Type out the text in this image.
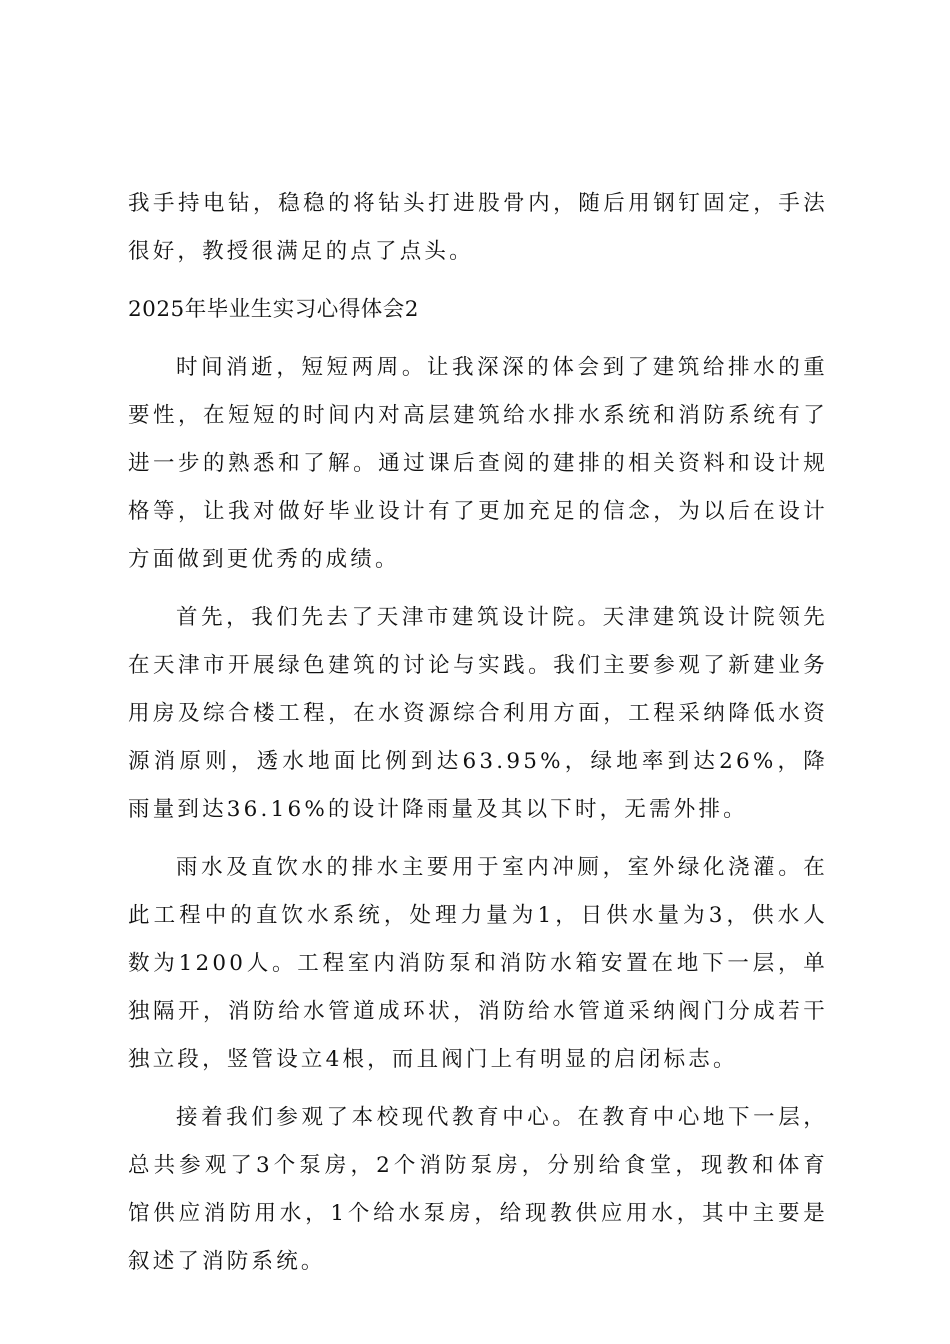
我手持电钻，稳稳的将钻头打进股骨内，随后用钢钉固定，手法很好，教授很满足的点了点头。

2025年毕业生实习心得体会2

时间消逝，短短两周。让我深深的体会到了建筑给排水的重要性，在短短的时间内对高层建筑给水排水系统和消防系统有了进一步的熟悉和了解。通过课后查阅的建排的相关资料和设计规格等，让我对做好毕业设计有了更加充足的信念，为以后在设计方面做到更优秀的成绩。

首先，我们先去了天津市建筑设计院。天津建筑设计院领先在天津市开展绿色建筑的讨论与实践。我们主要参观了新建业务用房及综合楼工程，在水资源综合利用方面，工程采纳降低水资源消原则，透水地面比例到达63.95%，绿地率到达26%，降雨量到达36.16%的设计降雨量及其以下时，无需外排。

雨水及直饮水的排水主要用于室内冲厕，室外绿化浇灌。在此工程中的直饮水系统，处理力量为1，日供水量为3，供水人数为1200人。工程室内消防泵和消防水箱安置在地下一层，单独隔开，消防给水管道成环状，消防给水管道采纳阀门分成若干独立段，竖管设立4根，而且阀门上有明显的启闭标志。

接着我们参观了本校现代教育中心。在教育中心地下一层，总共参观了3个泵房，2个消防泵房，分别给食堂，现教和体育馆供应消防用水，1个给水泵房，给现教供应用水，其中主要是叙述了消防系统。
